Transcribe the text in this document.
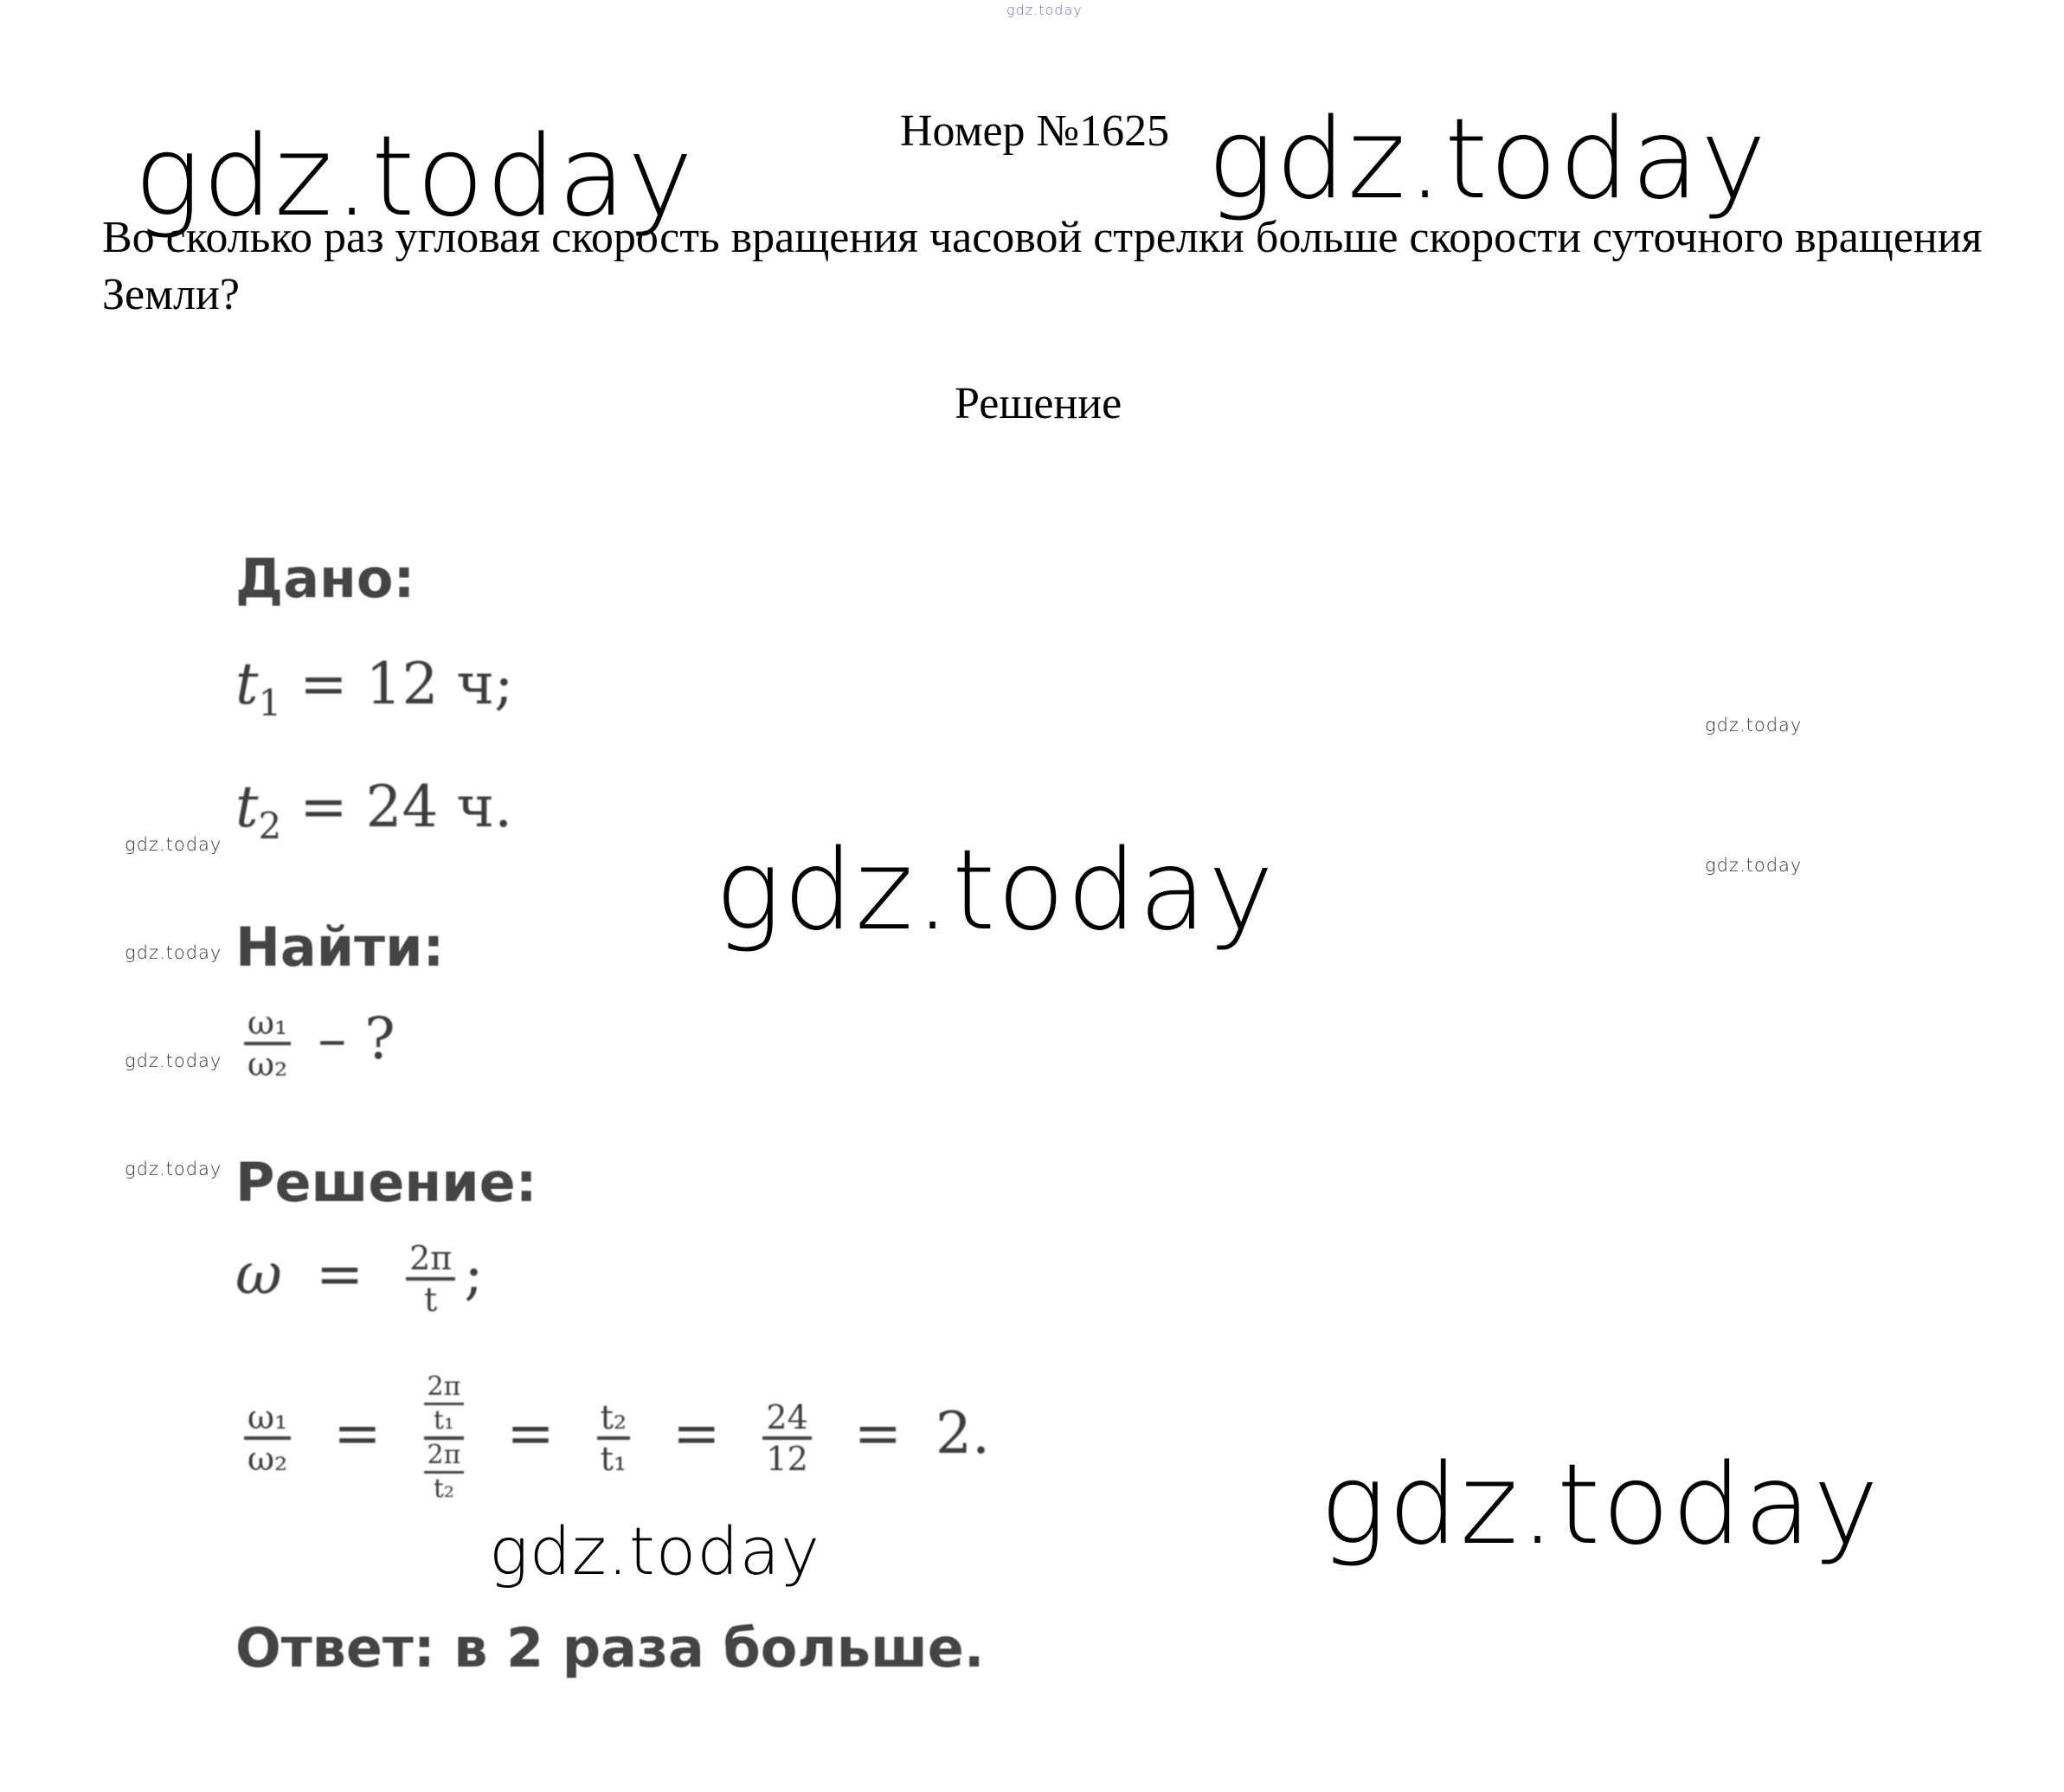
gdz.today
Номер №1625
gdz.today	gdz.today
Во сколько раз угловая скорость вращения часовой стрелки больше скорости суточного вращения Земли?
Решение
Дано:
$t_1 = 12$ ч;
$t_2 = 24$ ч.
gdz.today
Найти:
$\frac{\text{ω₁}}{\text{ω₂}}$ – ?
Решение:
$\omega = \frac{2\pi}{t}$ ;
$\frac{\text{ω₁}}{\text{ω₂}} = \frac{\frac{2\pi}{\text{t₁}}}{\frac{2\pi}{\text{t₂}}} = \frac{\text{t₂}}{\text{t₁}} = \frac{24}{12} = 2$.
gdz.today	gdz.today
Ответ: в 2 раза больше.
gdz.today
gdz.today
gdz.today
gdz.today
gdz.today
gdz.today
